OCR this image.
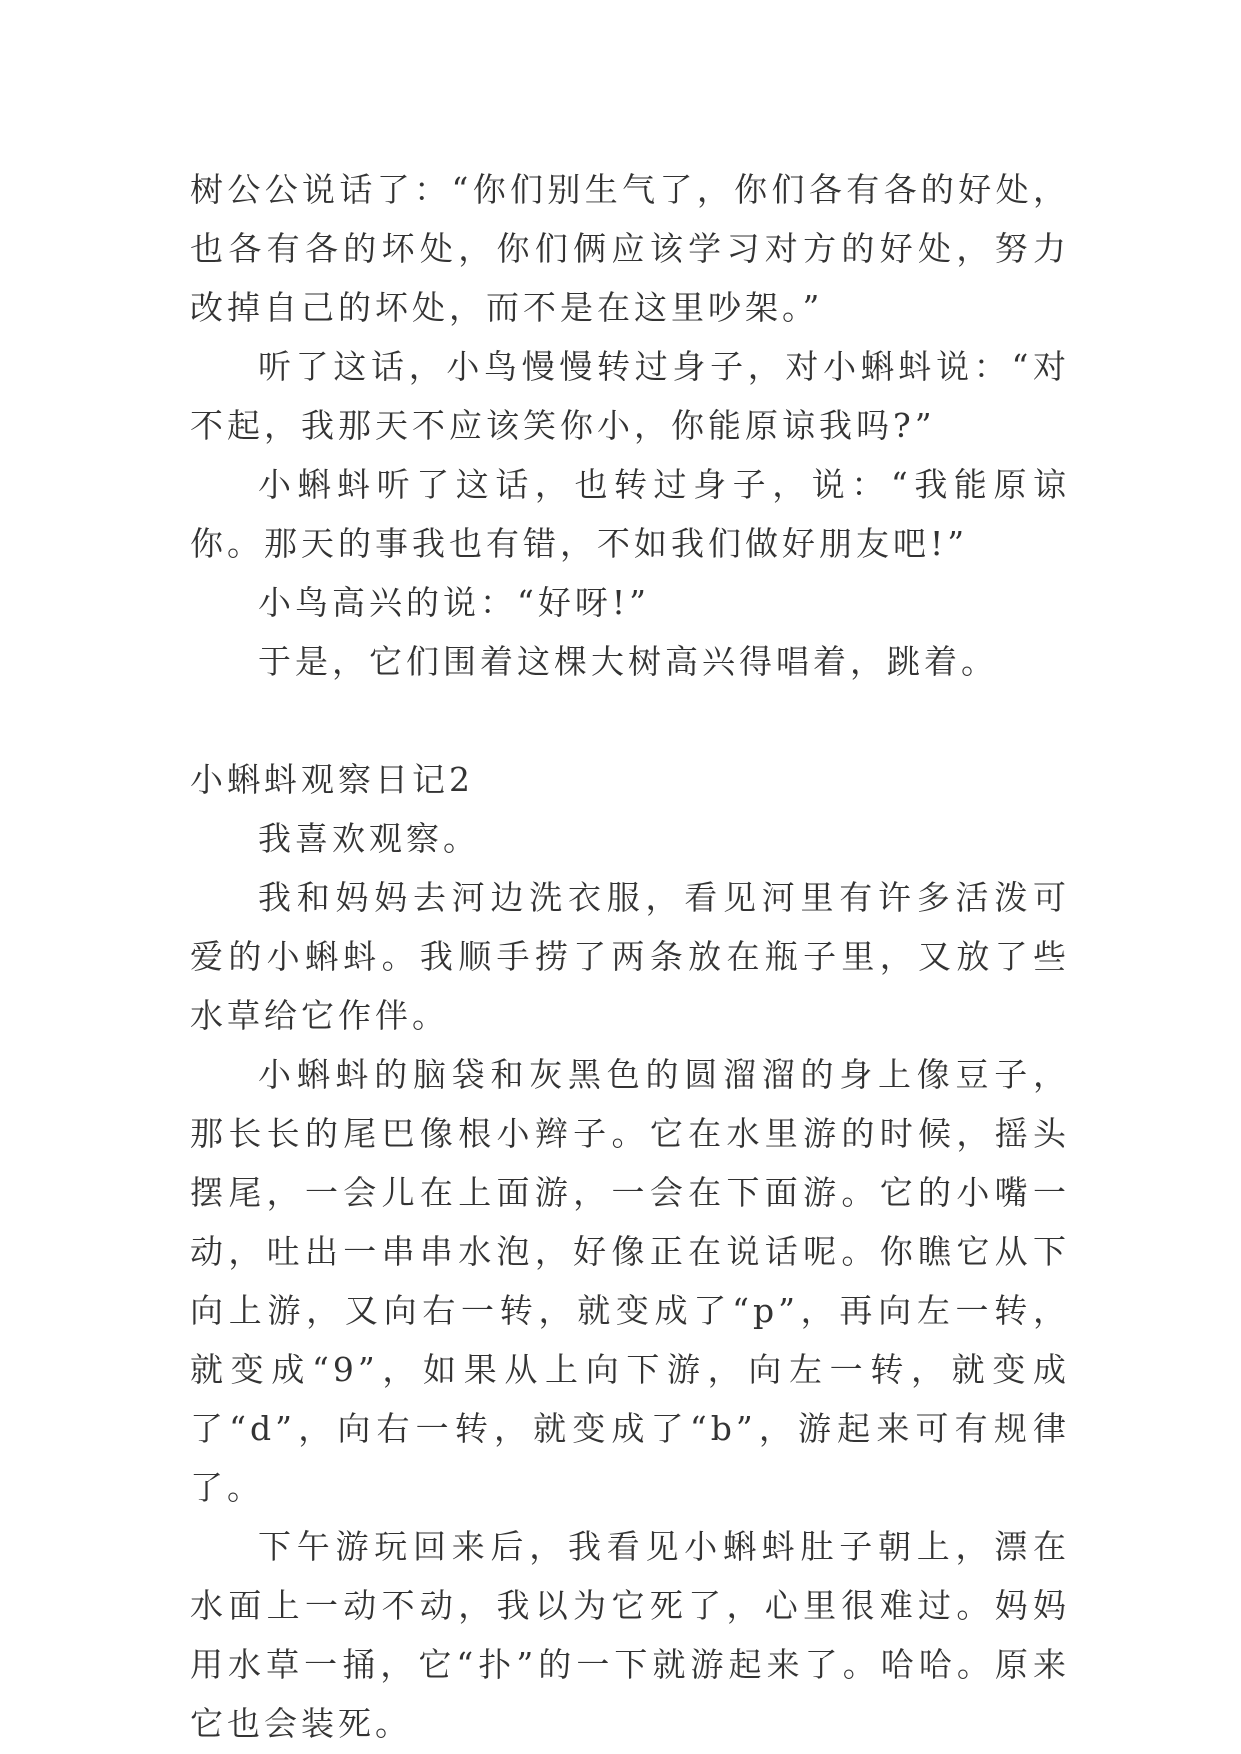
树公公说话了：“你们别生气了，你们各有各的好处，也各有各的坏处，你们俩应该学习对方的好处，努力改掉自己的坏处，而不是在这里吵架。”

听了这话，小鸟慢慢转过身子，对小蝌蚪说：“对不起，我那天不应该笑你小，你能原谅我吗?”

小蝌蚪听了这话，也转过身子，说：“我能原谅你。那天的事我也有错，不如我们做好朋友吧!”

小鸟高兴的说：“好呀!”

于是，它们围着这棵大树高兴得唱着，跳着。

小蝌蚪观察日记2

我喜欢观察。

我和妈妈去河边洗衣服，看见河里有许多活泼可爱的小蝌蚪。我顺手捞了两条放在瓶子里，又放了些水草给它作伴。

小蝌蚪的脑袋和灰黑色的圆溜溜的身上像豆子，那长长的尾巴像根小辫子。它在水里游的时候，摇头摆尾，一会儿在上面游，一会在下面游。它的小嘴一动，吐出一串串水泡，好像正在说话呢。你瞧它从下向上游，又向右一转，就变成了“p”，再向左一转，就变成“9”，如果从上向下游，向左一转，就变成了“d”，向右一转，就变成了“b”，游起来可有规律了。

下午游玩回来后，我看见小蝌蚪肚子朝上，漂在水面上一动不动，我以为它死了，心里很难过。妈妈用水草一捅，它“扑”的一下就游起来了。哈哈。原来它也会装死。
